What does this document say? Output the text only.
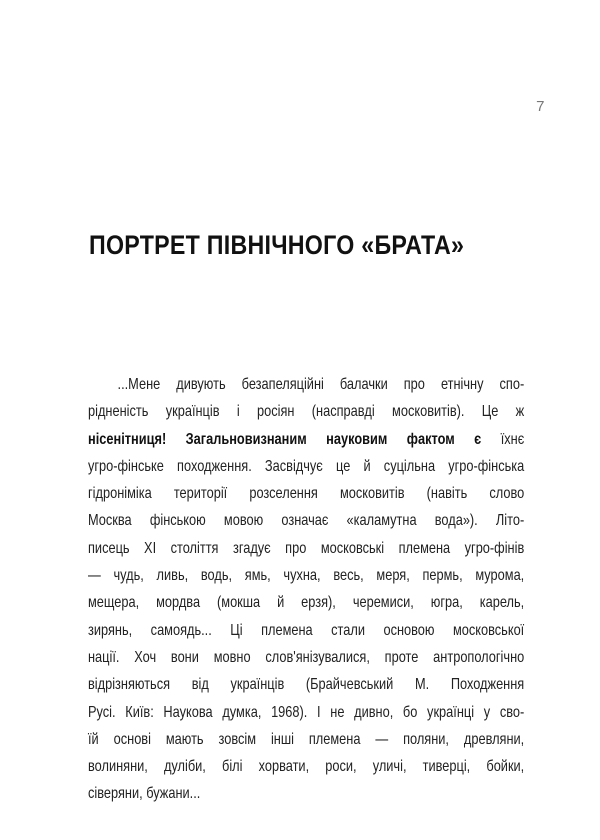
7
ПОРТРЕТ ПІВНІЧНОГО «БРАТА»
...Мене дивують безапеляційні балачки про етнічну спо-
рідненість українців і росіян (насправді московитів). Це ж
нісенітниця! Загальновизнаним науковим фактом є їхнє
угро-фінське походження. Засвідчує це й суцільна угро-фінська
гідроніміка території розселення московитів (навіть слово
Москва фінською мовою означає «каламутна вода»). Літо-
писець XI століття згадує про московські племена угро-фінів
— чудь, ливь, водь, ямь, чухна, весь, меря, пермь, мурома,
мещера, мордва (мокша й ерзя), черемиси, югра, карель,
зирянь, самоядь... Ці племена стали основою московської
нації. Хоч вони мовно слов'янізувалися, проте антропологічно
відрізняються від українців (Брайчевський М. Походження
Русі. Київ: Наукова думка, 1968). І не дивно, бо українці у сво-
їй основі мають зовсім інші племена — поляни, древляни,
волиняни, дуліби, білі хорвати, роси, уличі, тиверці, бойки,
сіверяни, бужани...
